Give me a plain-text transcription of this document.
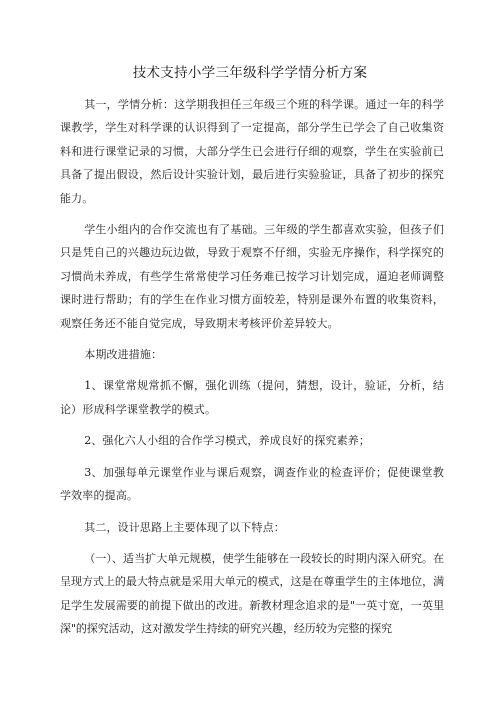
技术支持小学三年级科学学情分析方案

其一，学情分析：这学期我担任三年级三个班的科学课。通过一年的科学课教学，学生对科学课的认识得到了一定提高，部分学生已学会了自己收集资料和进行课堂记录的习惯，大部分学生已会进行仔细的观察，学生在实验前已具备了提出假设，然后设计实验计划，最后进行实验验证，具备了初步的探究能力。

学生小组内的合作交流也有了基础。三年级的学生都喜欢实验，但孩子们只是凭自己的兴趣边玩边做，导致于观察不仔细，实验无序操作，科学探究的习惯尚未养成，有些学生常常使学习任务难已按学习计划完成，逼迫老师调整课时进行帮助；有的学生在作业习惯方面较差，特别是课外布置的收集资料，观察任务还不能自觉完成，导致期末考核评价差异较大。

本期改进措施：

1、课堂常规常抓不懈，强化训练（提问，猜想，设计，验证，分析，结论）形成科学课堂教学的模式。

2、强化六人小组的合作学习模式，养成良好的探究素养；

3、加强每单元课堂作业与课后观察，调查作业的检查评价；促使课堂教学效率的提高。

其二，设计思路上主要体现了以下特点：

（一）、适当扩大单元规模，使学生能够在一段较长的时期内深入研究。在呈现方式上的最大特点就是采用大单元的模式，这是在尊重学生的主体地位，满足学生发展需要的前提下做出的改进。新教材理念追求的是"一英寸宽，一英里深"的探究活动，这对激发学生持续的研究兴趣，经历较为完整的探究
